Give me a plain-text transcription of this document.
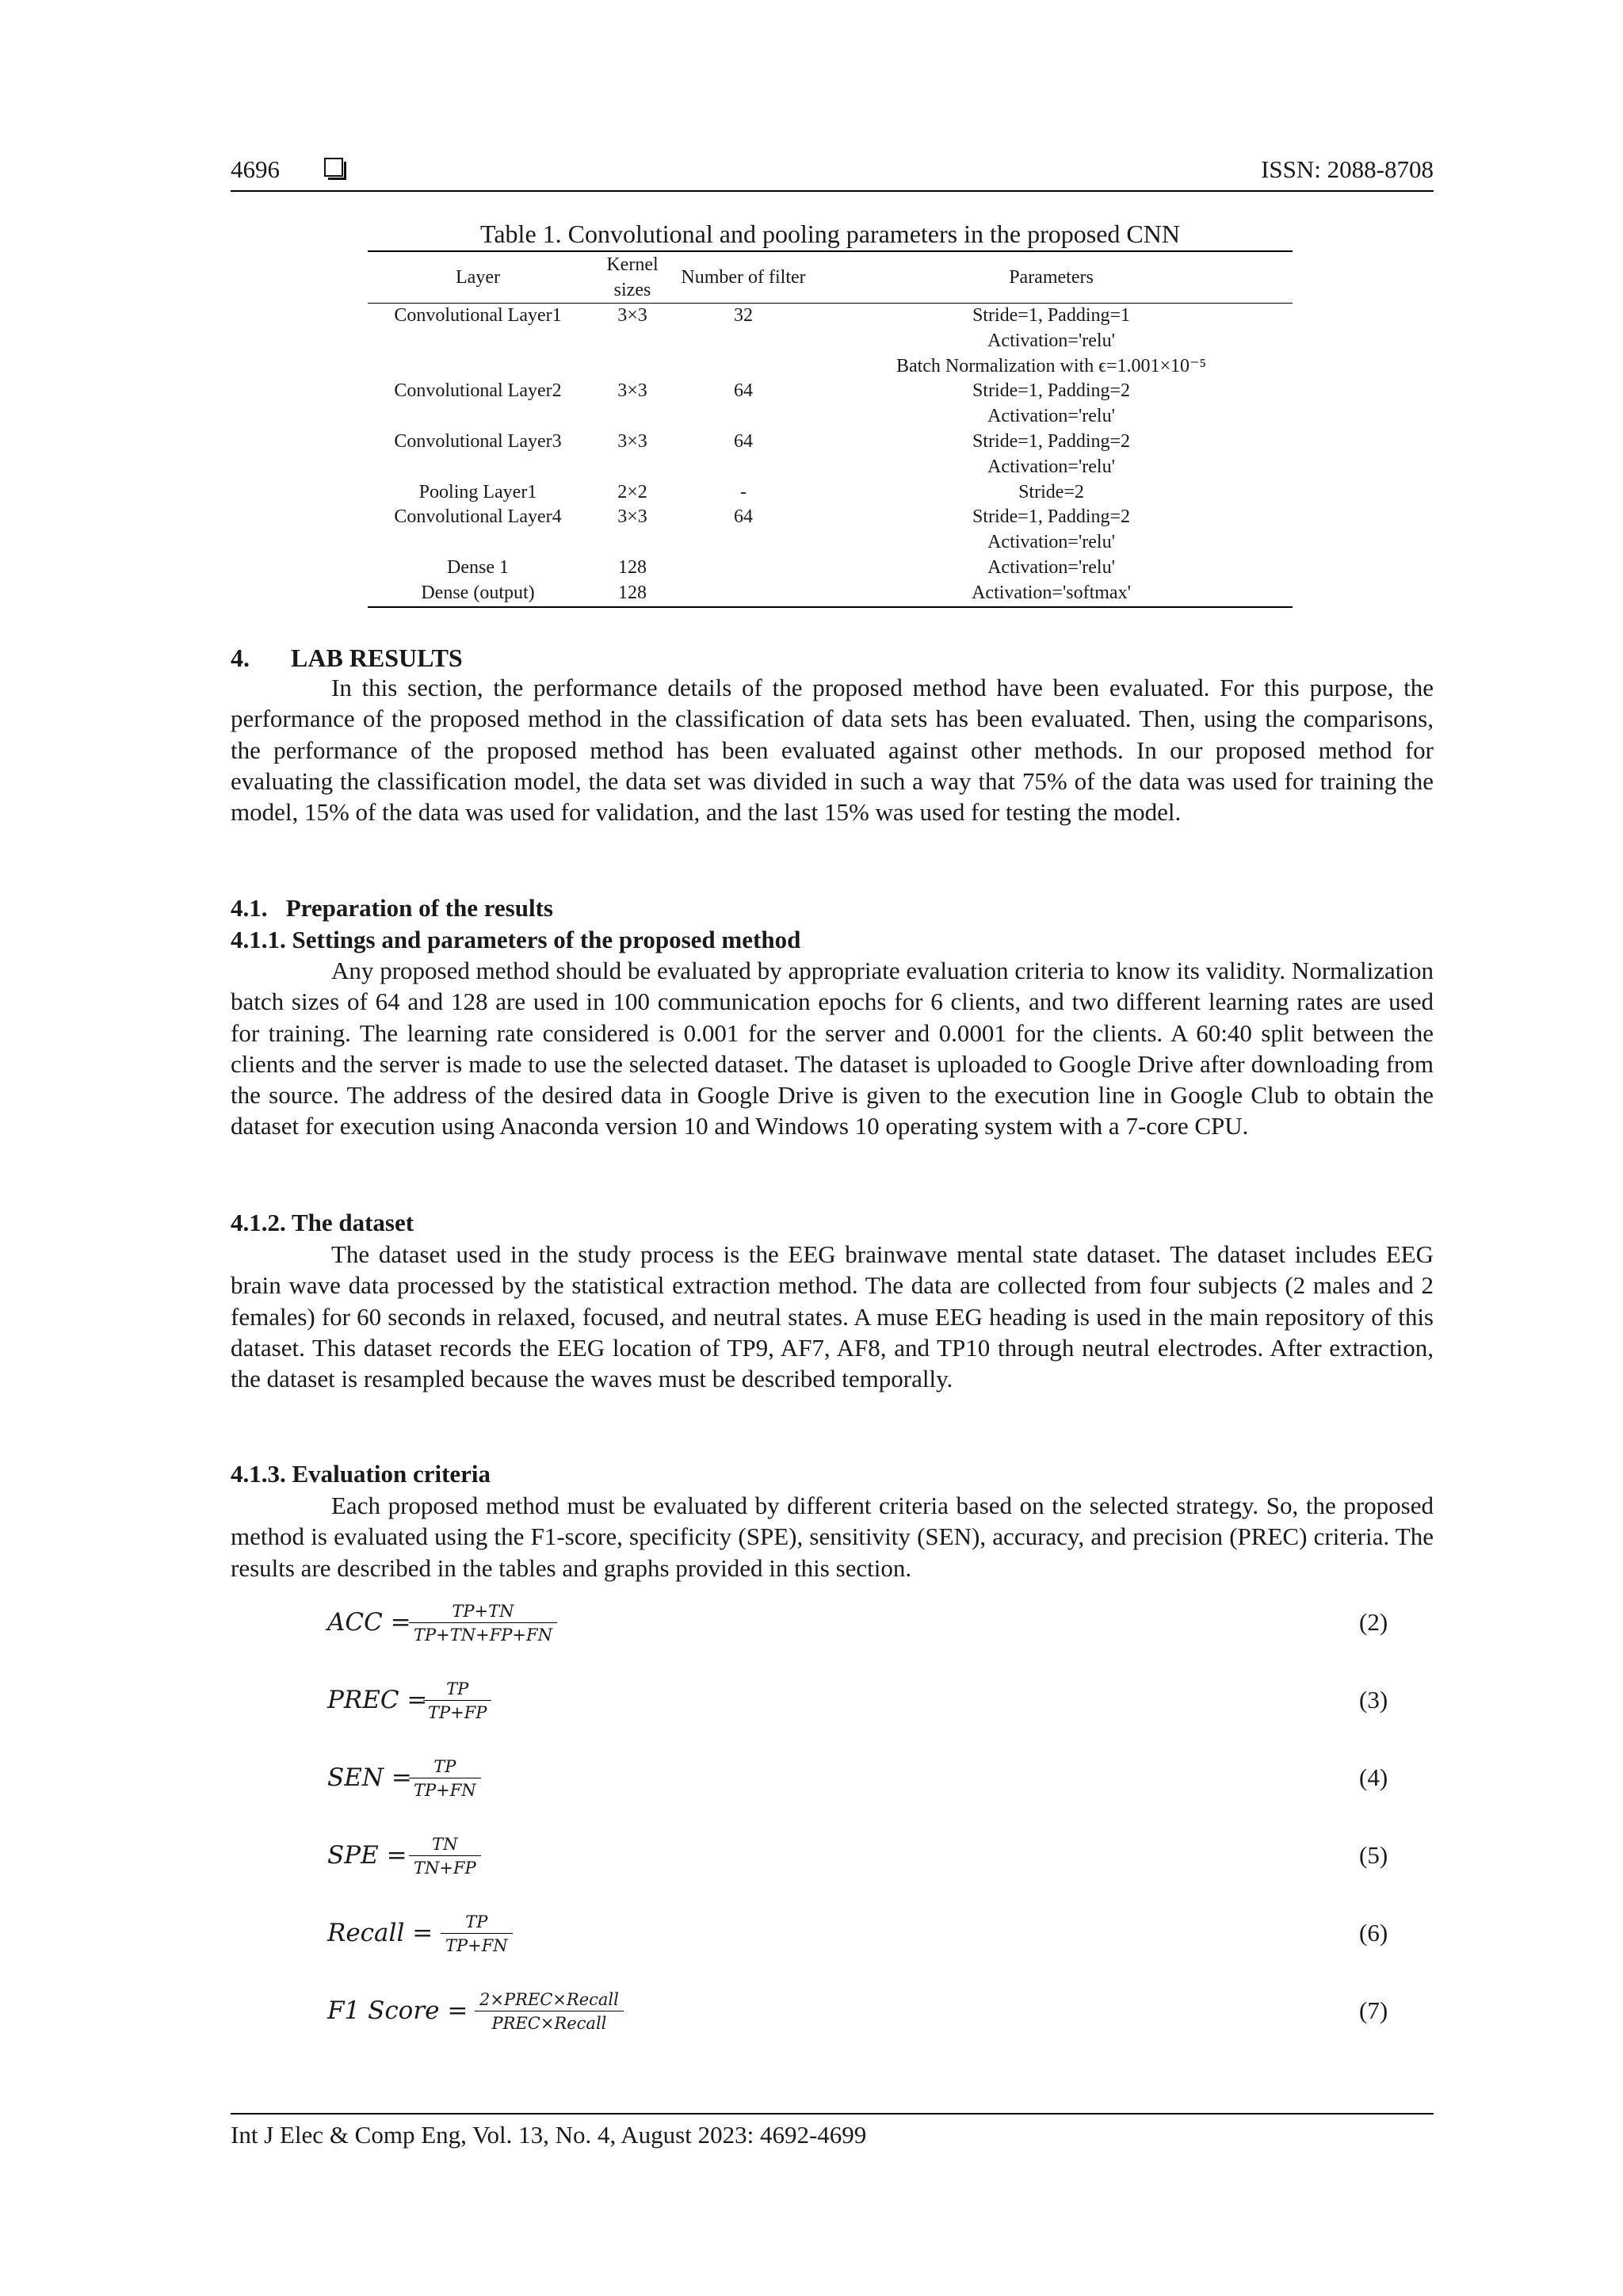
4696	ISSN: 2088-8708
Table 1. Convolutional and pooling parameters in the proposed CNN
Layer	Kernel sizes	Number of filter	Parameters
Convolutional Layer1	3×3	32	Stride=1, Padding=1
			Activation='relu'
			Batch Normalization with ϵ=1.001×10⁻⁵
Convolutional Layer2	3×3	64	Stride=1, Padding=2
			Activation='relu'
Convolutional Layer3	3×3	64	Stride=1, Padding=2
			Activation='relu'
Pooling Layer1	2×2	-	Stride=2
Convolutional Layer4	3×3	64	Stride=1, Padding=2
			Activation='relu'
Dense 1	128		Activation='relu'
Dense (output)	128		Activation='softmax'
4. LAB RESULTS

In this section, the performance details of the proposed method have been evaluated. For this purpose, the performance of the proposed method in the classification of data sets has been evaluated. Then, using the comparisons, the performance of the proposed method has been evaluated against other methods. In our proposed method for evaluating the classification model, the data set was divided in such a way that 75% of the data was used for training the model, 15% of the data was used for validation, and the last 15% was used for testing the model.

4.1.   Preparation of the results
4.1.1. Settings and parameters of the proposed method

Any proposed method should be evaluated by appropriate evaluation criteria to know its validity. Normalization batch sizes of 64 and 128 are used in 100 communication epochs for 6 clients, and two different learning rates are used for training. The learning rate considered is 0.001 for the server and 0.0001 for the clients. A 60:40 split between the clients and the server is made to use the selected dataset. The dataset is uploaded to Google Drive after downloading from the source. The address of the desired data in Google Drive is given to the execution line in Google Club to obtain the dataset for execution using Anaconda version 10 and Windows 10 operating system with a 7-core CPU.

4.1.2. The dataset

The dataset used in the study process is the EEG brainwave mental state dataset. The dataset includes EEG brain wave data processed by the statistical extraction method. The data are collected from four subjects (2 males and 2 females) for 60 seconds in relaxed, focused, and neutral states. A muse EEG heading is used in the main repository of this dataset. This dataset records the EEG location of TP9, AF7, AF8, and TP10 through neutral electrodes. After extraction, the dataset is resampled because the waves must be described temporally.

4.1.3. Evaluation criteria

Each proposed method must be evaluated by different criteria based on the selected strategy. So, the proposed method is evaluated using the F1-score, specificity (SPE), sensitivity (SEN), accuracy, and precision (PREC) criteria. The results are described in the tables and graphs provided in this section.

ACC =
$\frac{TP+TN}{TP+TN+FP+FN}$	(2)
PREC =
$\frac{TP}{TP+FP}$	(3)
SEN =
$\frac{TP}{TP+FN}$	(4)
SPE = $\frac{TN}{TN+FP}$	(5)
Recall = $\frac{TP}{TP+FN}$	(6)
F1 Score = 2×PREC×Recall
PREC×Recall	(7)
Int J Elec & Comp Eng, Vol. 13, No. 4, August 2023: 4692-4699
